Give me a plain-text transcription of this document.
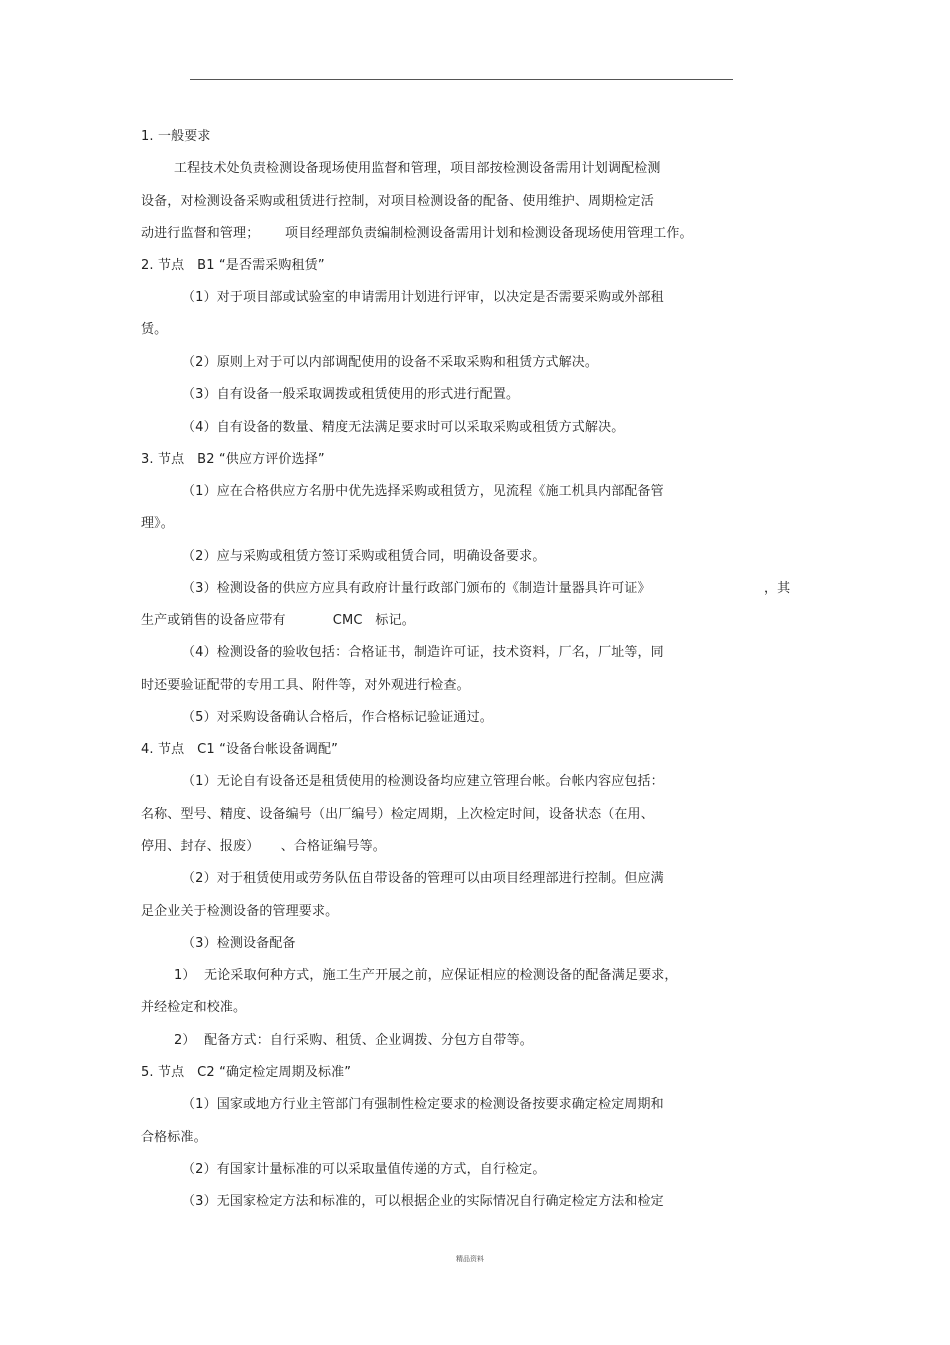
1. 一般要求
工程技术处负责检测设备现场使用监督和管理，项目部按检测设备需用计划调配检测
设备，对检测设备采购或租赁进行控制，对项目检测设备的配备、使用维护、周期检定活
动进行监督和管理；      项目经理部负责编制检测设备需用计划和检测设备现场使用管理工作。
2. 节点   B1 “是否需采购租赁”
（1）对于项目部或试验室的申请需用计划进行评审，以决定是否需要采购或外部租
赁。
（2）原则上对于可以内部调配使用的设备不采取采购和租赁方式解决。
（3）自有设备一般采取调拨或租赁使用的形式进行配置。
（4）自有设备的数量、精度无法满足要求时可以采取采购或租赁方式解决。
3. 节点   B2 “供应方评价选择”
（1）应在合格供应方名册中优先选择采购或租赁方，见流程《施工机具内部配备管
理》。
（2）应与采购或租赁方签订采购或租赁合同，明确设备要求。
（3）检测设备的供应方应具有政府计量行政部门颁布的《制造计量器具许可证》	，其
生产或销售的设备应带有           CMC   标记。
（4）检测设备的验收包括：合格证书，制造许可证，技术资料，厂名，厂址等，同
时还要验证配带的专用工具、附件等，对外观进行检查。
（5）对采购设备确认合格后，作合格标记验证通过。
4. 节点   C1 “设备台帐设备调配”
（1）无论自有设备还是租赁使用的检测设备均应建立管理台帐。台帐内容应包括：
名称、型号、精度、设备编号（出厂编号）检定周期，上次检定时间，设备状态（在用、
停用、封存、报废）     、合格证编号等。
（2）对于租赁使用或劳务队伍自带设备的管理可以由项目经理部进行控制。但应满
足企业关于检测设备的管理要求。
（3）检测设备配备
1）  无论采取何种方式，施工生产开展之前，应保证相应的检测设备的配备满足要求，
并经检定和校准。
2）  配备方式：自行采购、租赁、企业调拨、分包方自带等。
5. 节点   C2 “确定检定周期及标准”
（1）国家或地方行业主管部门有强制性检定要求的检测设备按要求确定检定周期和
合格标准。
（2）有国家计量标准的可以采取量值传递的方式，自行检定。
（3）无国家检定方法和标准的，可以根据企业的实际情况自行确定检定方法和检定
精品资料
